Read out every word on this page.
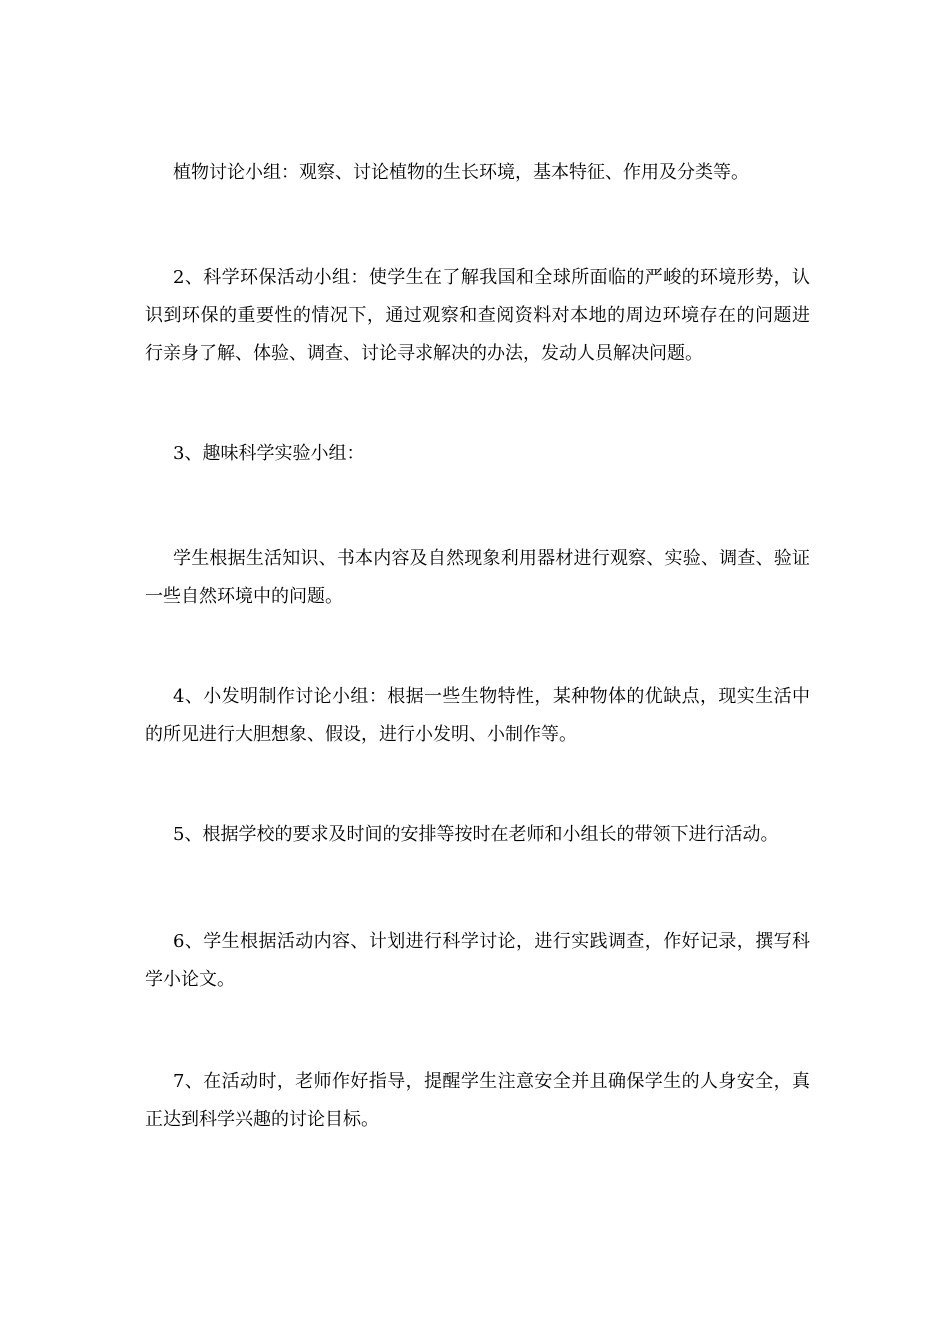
植物讨论小组：观察、讨论植物的生长环境，基本特征、作用及分类等。

2、科学环保活动小组：使学生在了解我国和全球所面临的严峻的环境形势，认识到环保的重要性的情况下，通过观察和查阅资料对本地的周边环境存在的问题进行亲身了解、体验、调查、讨论寻求解决的办法，发动人员解决问题。

3、趣味科学实验小组：

学生根据生活知识、书本内容及自然现象利用器材进行观察、实验、调查、验证一些自然环境中的问题。

4、小发明制作讨论小组：根据一些生物特性，某种物体的优缺点，现实生活中的所见进行大胆想象、假设，进行小发明、小制作等。

5、根据学校的要求及时间的安排等按时在老师和小组长的带领下进行活动。

6、学生根据活动内容、计划进行科学讨论，进行实践调查，作好记录，撰写科学小论文。

7、在活动时，老师作好指导，提醒学生注意安全并且确保学生的人身安全，真正达到科学兴趣的讨论目标。
